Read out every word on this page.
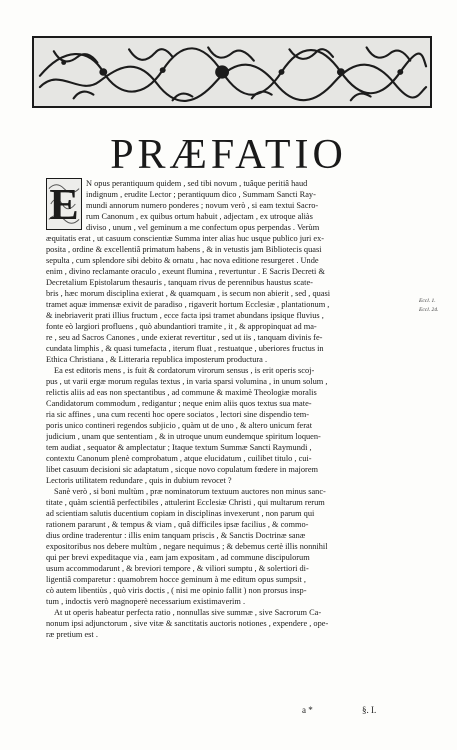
PRÆFATIO
N opus perantiquum quidem , sed tibi novum , tuâque peritiâ haud
indignum , erudite Lector ; perantiquum dico , Summam Sancti Ray-
mundi annorum numero ponderes ; novum verò , si eam textui Sacro-
rum Canonum , ex quibus ortum habuit , adjectam , ex utroque aliàs
diviso , unum , vel geminum a me confectum opus perpendas . Verùm
æquitatis erat , ut casuum conscientiæ Summa inter alias huc usque publico juri ex-
posita , ordine & excellentiâ primatum habens , & in vetustis jam Bibliotecis quasi
sepulta , cum splendore sibi debito & ornatu , hac nova editione resurgeret . Unde
enim , divino reclamante oraculo , exeunt flumina , revertuntur . E Sacris Decreti &
Decretalium Epistolarum thesauris , tanquam rivus de perennibus haustus scate-
bris , hæc morum disciplina exierat , & quamquam , is secum non abierit , sed , quasi
tramet aquæ immensæ exivit de paradiso , rigaverit hortum Ecclesiæ , plantationum ,
& inebriaverit prati illius fructum , ecce facta ipsi tramet abundans ipsique fluvius ,
fonte eò largiori profluens , quò abundantiori tramite , it , & appropinquat ad ma-
re , seu ad Sacros Canones , unde exierat revertitur , sed ut iis , tanquam divinis fe-
cundata limphis , & quasi tumefacta , iterum fluat , restuatque , uberiores fructus in
Ethica Christiana , & Litteraria republica imposterum productura .
Ea est editoris mens , is fuit & cordatorum virorum sensus , is erit operis scoj-
pus , ut varii ergæ morum regulas textus , in varia sparsi volumina , in unum solum ,
relictis aliis ad eas non spectantibus , ad commune & maximè Theologiæ moralis
Candidatorum commodum , redigantur ; neque enim aliis quos textus sua mate-
ria sic affines , una cum recenti hoc opere sociatos , lectori sine dispendio tem-
poris unico contineri regendos subjicio , quàm ut de uno , & altero unicum ferat
judicium , unam que sententiam , & in utroque unum eundemque spiritum loquen-
tem audiat , sequator & amplectatur ; Itaque textum Summæ Sancti Raymundi ,
contextu Canonum plenè comprobatum , atque elucidatum , cuilibet titulo , cui-
libet casuum decisioni sic adaptatum , sicque novo copulatum fœdere in majorem
Lectoris utilitatem redundare , quis in dubium revocet ?
Sanè verò , si boni multùm , præ nominatorum textuum auctores non minus sanc-
titate , quàm scientiâ perfectibiles , attulerint Ecclesiæ Christi , qui multarum rerum
ad scientiam salutis ducentium copiam in disciplinas invexerunt , non parum qui
rationem pararunt , & tempus & viam , quâ difficiles ipsæ facilius , & commo-
dius ordine traderentur : illis enim tanquam priscis , & Sanctis Doctrinæ sanæ
expositoribus nos debere multùm , negare nequimus ; & debemus certè illis nonnihil
qui per brevi expeditaque via , eam jam expositam , ad commune discipulorum
usum accommodarunt , & breviori tempore , & viliori sumptu , & solertiori di-
ligentiâ comparetur : quamobrem hocce geminum à me editum opus sumpsit ,
cò autem libentiùs , quò viris doctis , ( nisi me opinio fallit ) non prorsus insp-
tum , indoctis verò magnoperè necessarium existimaverim .
At ut operis habeatur perfecta ratio , nonnullas sive summæ , sive Sacrorum Ca-
nonum ipsi adjunctorum , sive vitæ & sanctitatis auctoris notiones , expendere , ope-
ræ pretium est .
E
Eccl. 1.
Eccl. 24.
a *	§. I.
